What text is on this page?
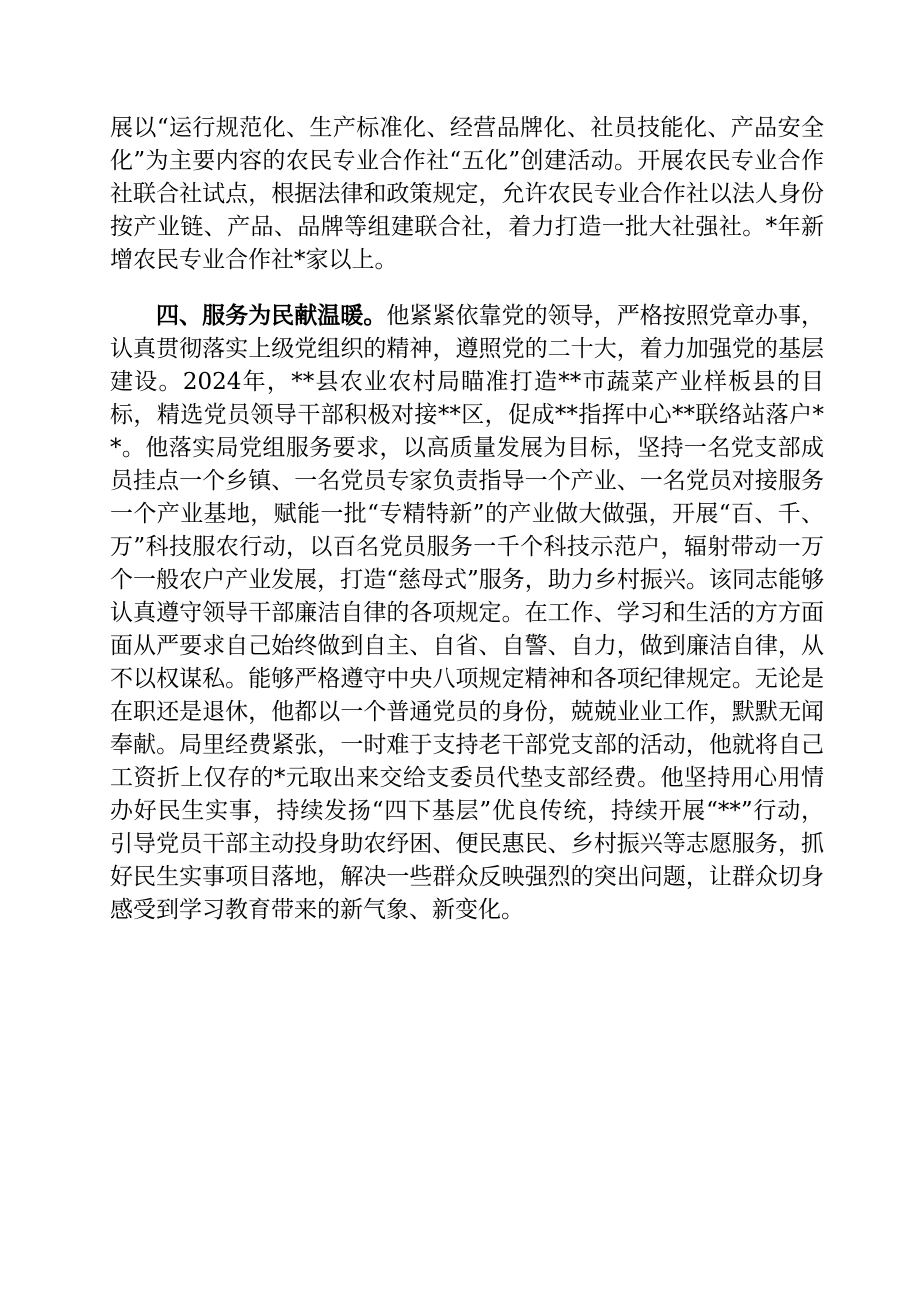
展以“运行规范化、生产标准化、经营品牌化、社员技能化、产品安全化”为主要内容的农民专业合作社“五化”创建活动。开展农民专业合作社联合社试点，根据法律和政策规定，允许农民专业合作社以法人身份按产业链、产品、品牌等组建联合社，着力打造一批大社强社。*年新增农民专业合作社*家以上。

四、服务为民献温暖。他紧紧依靠党的领导，严格按照党章办事，认真贯彻落实上级党组织的精神，遵照党的二十大，着力加强党的基层建设。2024年，**县农业农村局瞄准打造**市蔬菜产业样板县的目标，精选党员领导干部积极对接**区，促成**指挥中心**联络站落户**。他落实局党组服务要求，以高质量发展为目标，坚持一名党支部成员挂点一个乡镇、一名党员专家负责指导一个产业、一名党员对接服务一个产业基地，赋能一批“专精特新”的产业做大做强，开展“百、千、万”科技服农行动，以百名党员服务一千个科技示范户，辐射带动一万个一般农户产业发展，打造“慈母式”服务，助力乡村振兴。该同志能够认真遵守领导干部廉洁自律的各项规定。在工作、学习和生活的方方面面从严要求自己始终做到自主、自省、自警、自力，做到廉洁自律，从不以权谋私。能够严格遵守中央八项规定精神和各项纪律规定。无论是在职还是退休，他都以一个普通党员的身份，兢兢业业工作，默默无闻奉献。局里经费紧张，一时难于支持老干部党支部的活动，他就将自己工资折上仅存的*元取出来交给支委员代垫支部经费。他坚持用心用情办好民生实事，持续发扬“四下基层”优良传统，持续开展“**”行动，引导党员干部主动投身助农纾困、便民惠民、乡村振兴等志愿服务，抓好民生实事项目落地，解决一些群众反映强烈的突出问题，让群众切身感受到学习教育带来的新气象、新变化。
